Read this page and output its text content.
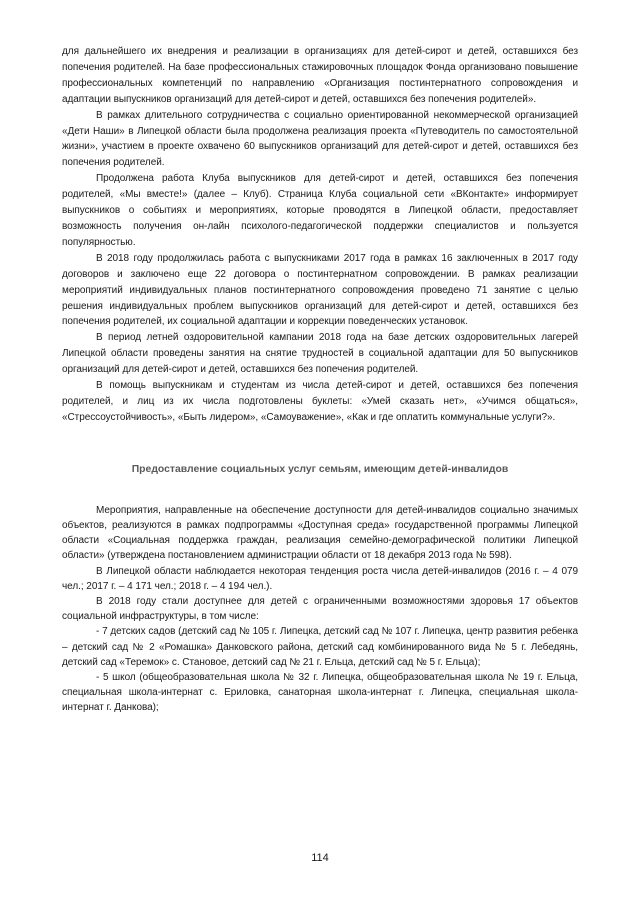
для дальнейшего их внедрения и реализации в организациях для детей-сирот и детей, оставшихся без попечения родителей. На базе профессиональных стажировочных площадок Фонда организовано повышение профессиональных компетенций по направлению «Организация постинтернатного сопровождения и адаптации выпускников организаций для детей-сирот и детей, оставшихся без попечения родителей».

В рамках длительного сотрудничества с социально ориентированной некоммерческой организацией «Дети Наши» в Липецкой области была продолжена реализация проекта «Путеводитель по самостоятельной жизни», участием в проекте охвачено 60 выпускников организаций для детей-сирот и детей, оставшихся без попечения родителей.

Продолжена работа Клуба выпускников для детей-сирот и детей, оставшихся без попечения родителей, «Мы вместе!» (далее – Клуб). Страница Клуба социальной сети «ВКонтакте» информирует выпускников о событиях и мероприятиях, которые проводятся в Липецкой области, предоставляет возможность получения он-лайн психолого-педагогической поддержки специалистов и пользуется популярностью.

В 2018 году продолжилась работа с выпускниками 2017 года в рамках 16 заключенных в 2017 году договоров и заключено еще 22 договора о постинтернатном сопровождении. В рамках реализации мероприятий индивидуальных планов постинтернатного сопровождения проведено 71 занятие с целью решения индивидуальных проблем выпускников организаций для детей-сирот и детей, оставшихся без попечения родителей, их социальной адаптации и коррекции поведенческих установок.

В период летней оздоровительной кампании 2018 года на базе детских оздоровительных лагерей Липецкой области проведены занятия на снятие трудностей в социальной адаптации для 50 выпускников организаций для детей-сирот и детей, оставшихся без попечения родителей.

В помощь выпускникам и студентам из числа детей-сирот и детей, оставшихся без попечения родителей, и лиц из их числа подготовлены буклеты: «Умей сказать нет», «Учимся общаться», «Стрессоустойчивость», «Быть лидером», «Самоуважение», «Как и где оплатить коммунальные услуги?».

Предоставление социальных услуг семьям, имеющим детей-инвалидов

Мероприятия, направленные на обеспечение доступности для детей-инвалидов социально значимых объектов, реализуются в рамках подпрограммы «Доступная среда» государственной программы Липецкой области «Социальная поддержка граждан, реализация семейно-демографической политики Липецкой области» (утверждена постановлением администрации области от 18 декабря 2013 года № 598).

В Липецкой области наблюдается некоторая тенденция роста числа детей-инвалидов (2016 г. – 4 079 чел.; 2017 г. – 4 171 чел.; 2018 г. – 4 194 чел.).

В 2018 году стали доступнее для детей с ограниченными возможностями здоровья 17 объектов социальной инфраструктуры, в том числе:

- 7 детских садов (детский сад № 105 г. Липецка, детский сад № 107 г. Липецка, центр развития ребенка – детский сад № 2 «Ромашка» Данковского района, детский сад комбинированного вида № 5 г. Лебедянь, детский сад «Теремок» с. Становое, детский сад № 21 г. Ельца, детский сад № 5 г. Ельца);

- 5 школ (общеобразовательная школа № 32 г. Липецка, общеобразовательная школа № 19 г. Ельца, специальная школа-интернат с. Ериловка, санаторная школа-интернат г. Липецка, специальная школа-интернат г. Данкова);

114
